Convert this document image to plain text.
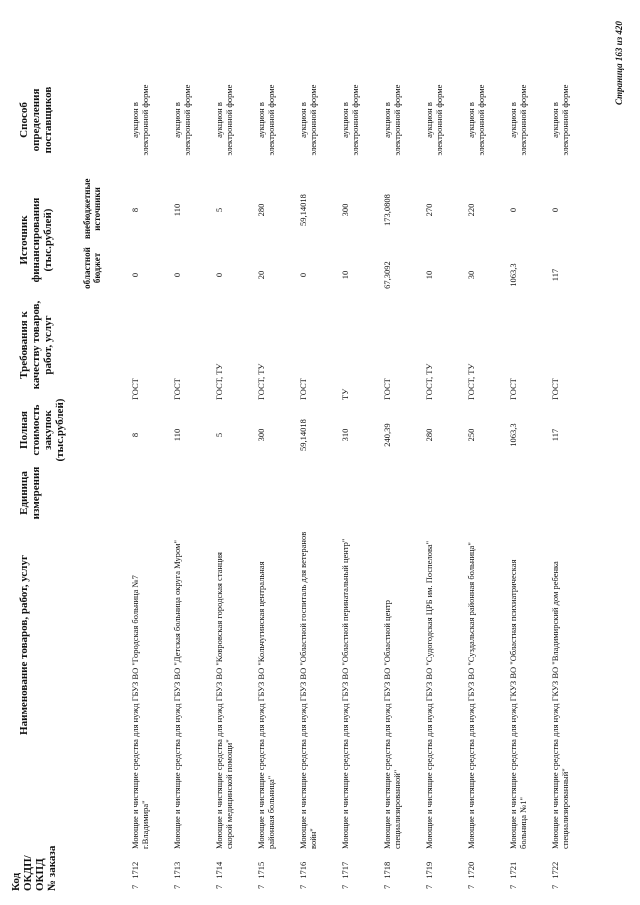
Код ОКДП/ ОКПД № заказа
Наименование товаров, работ, услуг
Единица измерения
Полная стоимость закупок (тыс.рублей)
Требования к качеству товаров, работ, услуг
Источник финансирования (тыс.рублей)	областной бюджет
внебюджетные источники
Способ определения поставщиков
71712
Моющие и чистящие средства для нужд ГБУЗ ВО "Городская больница №7 г.Владимира"
8
ГОСТ
0
8
аукцион в электронной форме
71713
Моющие и чистящие средства для нужд ГБУЗ ВО "Детская больница округа Муром"
110
ГОСТ
0
110
аукцион в электронной форме
71714
Моющие и чистящие средства для нужд ГБУЗ ВО "Ковровская городская станция скорой медицинской помощи"
5
ГОСТ, ТУ
0
5
аукцион в электронной форме
71715
Моющие и чистящие средства для нужд ГБУЗ ВО "Кольчугинская центральная районная больница"
300
ГОСТ, ТУ
20
280
аукцион в электронной форме
71716
Моющие и чистящие средства для нужд ГБУЗ ВО "Областной госпиталь для ветеранов войн"
59,14018
ГОСТ
0
59,14018
аукцион в электронной форме
71717
Моющие и чистящие средства для нужд ГБУЗ ВО "Областной перинатальный центр"
310
ТУ
10
300
аукцион в электронной форме
71718
Моющие и чистящие средства для нужд ГБУЗ ВО "Областной центр специализированной"
240,39
ГОСТ
67,3092
173,0808
аукцион в электронной форме
71719
Моющие и чистящие средства для нужд ГБУЗ ВО "Судогодская ЦРБ им. Поспелова"
280
ГОСТ, ТУ
10
270
аукцион в электронной форме
71720
Моющие и чистящие средства для нужд ГБУЗ ВО "Суздальская районная больница"
250
ГОСТ, ТУ
30
220
аукцион в электронной форме
71721
Моющие и чистящие средства для нужд ГКУЗ ВО "Областная психиатрическая больница №1"
1063,3
ГОСТ
1063,3
0
аукцион в электронной форме
71722
Моющие и чистящие средства для нужд ГКУЗ ВО "Владимирский дом ребенка специализированный"
117
ГОСТ
117
0
аукцион в электронной форме
Страница 163 из 420
